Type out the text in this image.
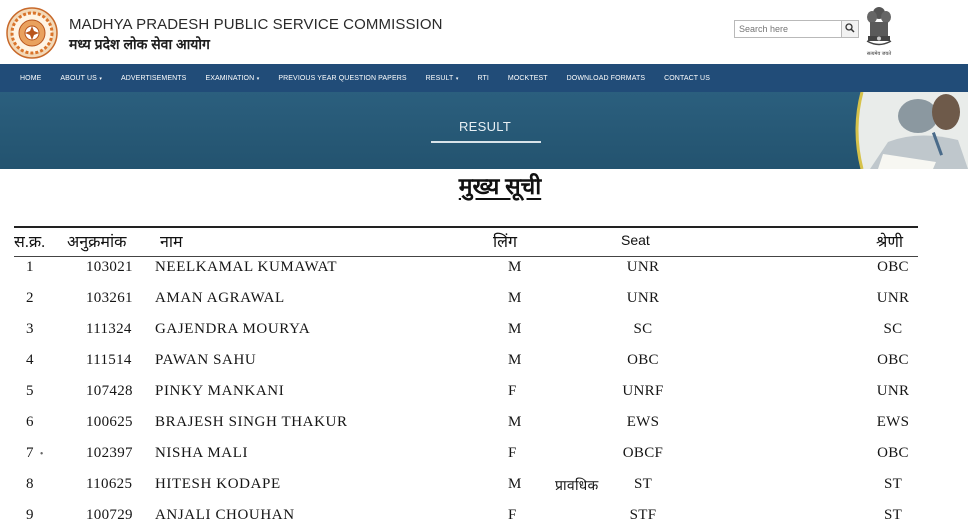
MADHYA PRADESH PUBLIC SERVICE COMMISSION
मध्य प्रदेश लोक सेवा आयोग
Search here
सत्यमेव जयते
HOME	ABOUT US ▾	ADVERTISEMENTS	EXAMINATION ▾	PREVIOUS YEAR QUESTION PAPERS	RESULT ▾	RTI	MOCKTEST	DOWNLOAD FORMATS	CONTACT US
RESULT
मुख्य सूची
स.क्र. अनुक्रमांक नाम	लिंग	Seat	श्रेणी
1	103021 NEELKAMAL KUMAWAT	M	UNR	OBC
2	103261 AMAN AGRAWAL	M	UNR	UNR
3	111324 GAJENDRA MOURYA	M	SC	SC
4	111514 PAWAN SAHU	M	OBC	OBC
5	107428 PINKY MANKANI	F	UNRF	UNR
6	100625 BRAJESH SINGH THAKUR	M	EWS	EWS
7 •	102397 NISHA MALI	F	OBCF	OBC
8	110625 HITESH KODAPE	M प्रावधिक	ST	ST
9	100729 ANJALI CHOUHAN	F	STF	ST
